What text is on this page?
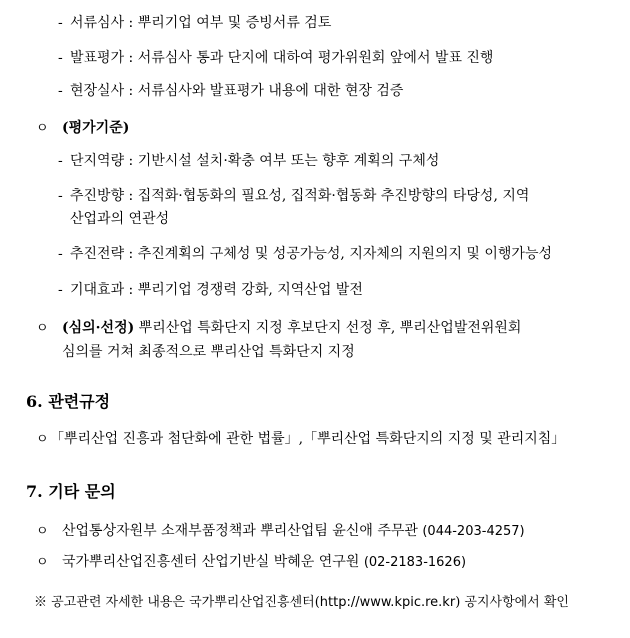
- 서류심사 : 뿌리기업 여부 및 증빙서류 검토
- 발표평가 : 서류심사 통과 단지에 대하여 평가위원회 앞에서 발표 진행
- 현장실사 : 서류심사와 발표평가 내용에 대한 현장 검증
ㅇ (평가기준)
- 단지역량 : 기반시설 설치·확충 여부 또는 향후 계획의 구체성
- 추진방향 : 집적화·협동화의 필요성, 집적화·협동화 추진방향의 타당성, 지역
산업과의 연관성
- 추진전략 : 추진계획의 구체성 및 성공가능성, 지자체의 지원의지 및 이행가능성
- 기대효과 : 뿌리기업 경쟁력 강화, 지역산업 발전
ㅇ (심의·선정) 뿌리산업 특화단지 지정 후보단지 선정 후, 뿌리산업발전위원회
심의를 거쳐 최종적으로 뿌리산업 특화단지 지정
6. 관련규정
ㅇ「뿌리산업 진흥과 첨단화에 관한 법률」,「뿌리산업 특화단지의 지정 및 관리지침」
7. 기타 문의
ㅇ 산업통상자원부 소재부품정책과 뿌리산업팀 윤신애 주무관 (044-203-4257)
ㅇ 국가뿌리산업진흥센터 산업기반실 박혜운 연구원 (02-2183-1626)
※ 공고관련 자세한 내용은 국가뿌리산업진흥센터(http://www.kpic.re.kr) 공지사항에서 확인
